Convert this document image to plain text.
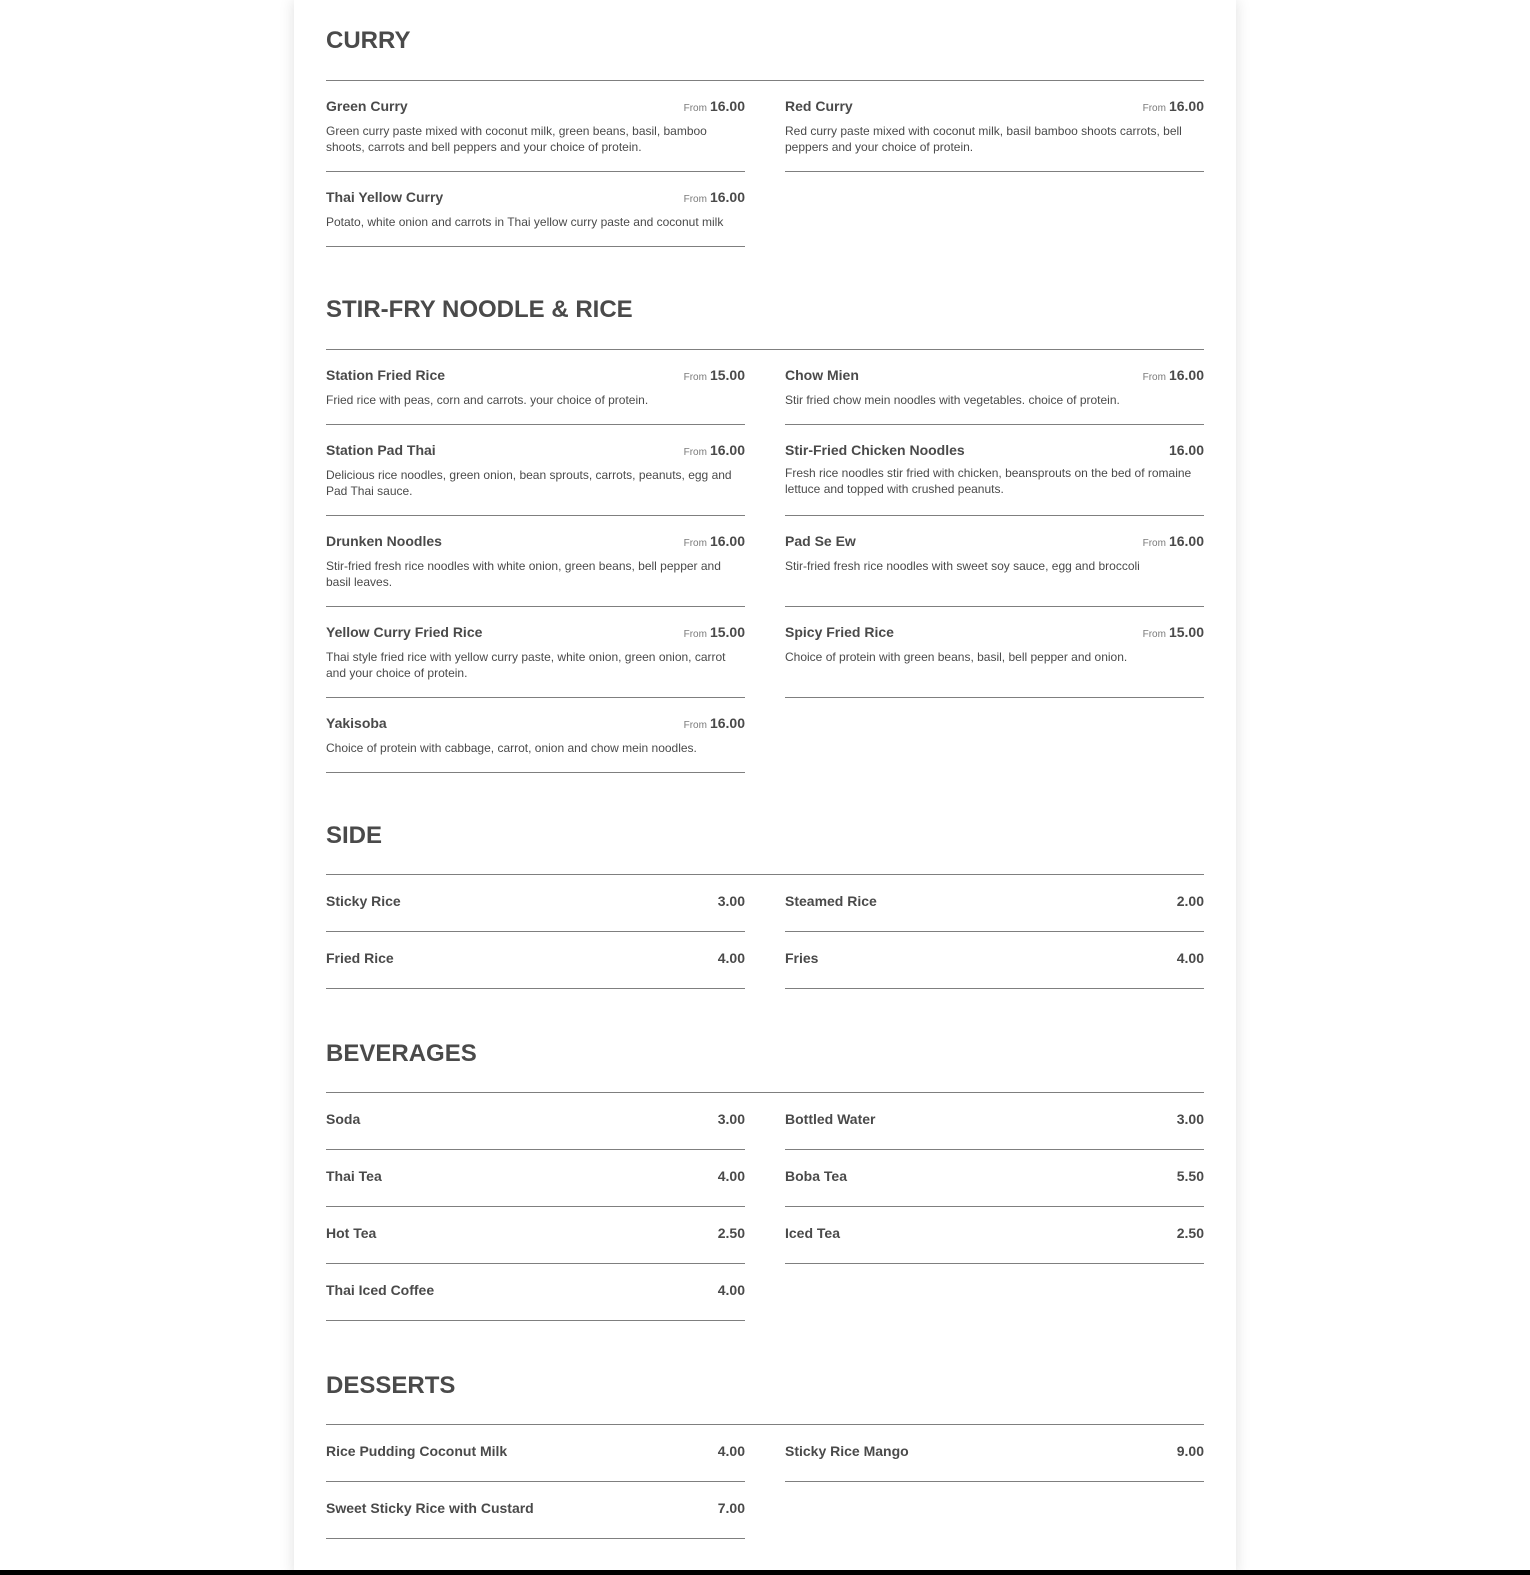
CURRY
Green Curry	From 16.00
Green curry paste mixed with coconut milk, green beans, basil, bamboo shoots, carrots and bell peppers and your choice of protein.
Red Curry	From 16.00
Red curry paste mixed with coconut milk, basil bamboo shoots carrots, bell peppers and your choice of protein.
Thai Yellow Curry	From 16.00
Potato, white onion and carrots in Thai yellow curry paste and coconut milk
STIR-FRY NOODLE & RICE
Station Fried Rice	From 15.00
Fried rice with peas, corn and carrots. your choice of protein.
Chow Mien	From 16.00
Stir fried chow mein noodles with vegetables. choice of protein.
Station Pad Thai	From 16.00
Delicious rice noodles, green onion, bean sprouts, carrots, peanuts, egg and Pad Thai sauce.
Stir-Fried Chicken Noodles	16.00
Fresh rice noodles stir fried with chicken, beansprouts on the bed of romaine lettuce and topped with crushed peanuts.
Drunken Noodles	From 16.00
Stir-fried fresh rice noodles with white onion, green beans, bell pepper and basil leaves.
Pad Se Ew	From 16.00
Stir-fried fresh rice noodles with sweet soy sauce, egg and broccoli
Yellow Curry Fried Rice	From 15.00
Thai style fried rice with yellow curry paste, white onion, green onion, carrot and your choice of protein.
Spicy Fried Rice	From 15.00
Choice of protein with green beans, basil, bell pepper and onion.
Yakisoba	From 16.00
Choice of protein with cabbage, carrot, onion and chow mein noodles.
SIDE
Sticky Rice	3.00	Steamed Rice	2.00
Fried Rice	4.00	Fries	4.00
BEVERAGES
Soda	3.00	Bottled Water	3.00
Thai Tea	4.00	Boba Tea	5.50
Hot Tea	2.50	Iced Tea	2.50
Thai Iced Coffee	4.00
DESSERTS
Rice Pudding Coconut Milk	4.00	Sticky Rice Mango	9.00
Sweet Sticky Rice with Custard	7.00
